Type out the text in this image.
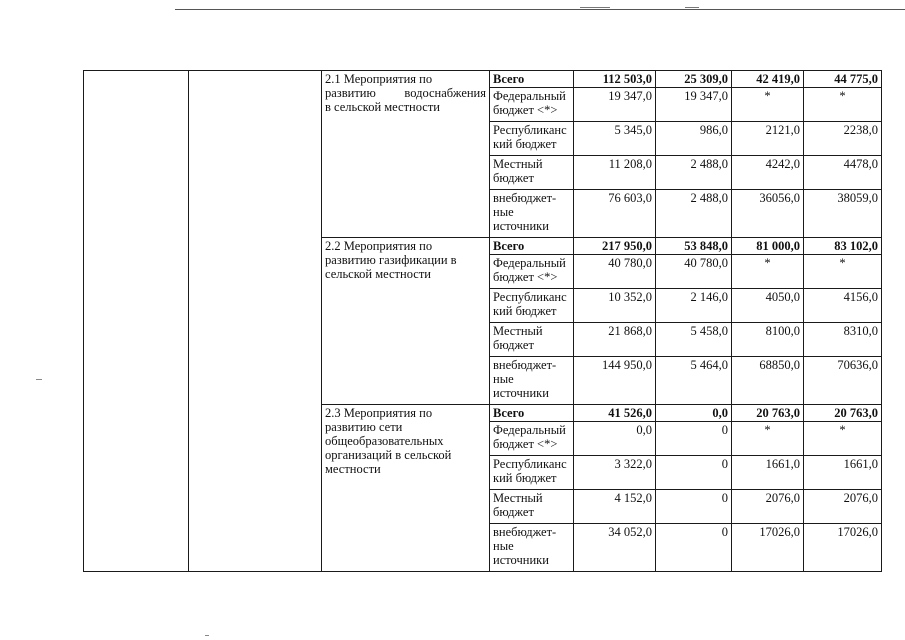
		2.1 Мероприятия по
развитию водоснабжения
в сельской местности	Всего	112 503,0	25 309,0	42 419,0	44 775,0
			Федеральный бюджет <*>	19 347,0	19 347,0	*	*
			Республиканс кий бюджет	5 345,0	986,0	2121,0	2238,0
			Местный бюджет	11 208,0	2 488,0	4242,0	4478,0
			внебюджет-ные источники	76 603,0	2 488,0	36056,0	38059,0

		2.2 Мероприятия по
развитию газификации в
сельской местности	Всего	217 950,0	53 848,0	81 000,0	83 102,0
			Федеральный бюджет <*>	40 780,0	40 780,0	*	*
			Республиканс кий бюджет	10 352,0	2 146,0	4050,0	4156,0
			Местный бюджет	21 868,0	5 458,0	8100,0	8310,0
			внебюджет-ные источники	144 950,0	5 464,0	68850,0	70636,0

		2.3 Мероприятия по
развитию сети
общеобразовательных
организаций в сельской
местности	Всего	41 526,0	0,0	20 763,0	20 763,0
			Федеральный бюджет <*>	0,0	0	*	*
			Республиканс кий бюджет	3 322,0	0	1661,0	1661,0
			Местный бюджет	4 152,0	0	2076,0	2076,0
			внебюджет-ные источники	34 052,0	0	17026,0	17026,0
